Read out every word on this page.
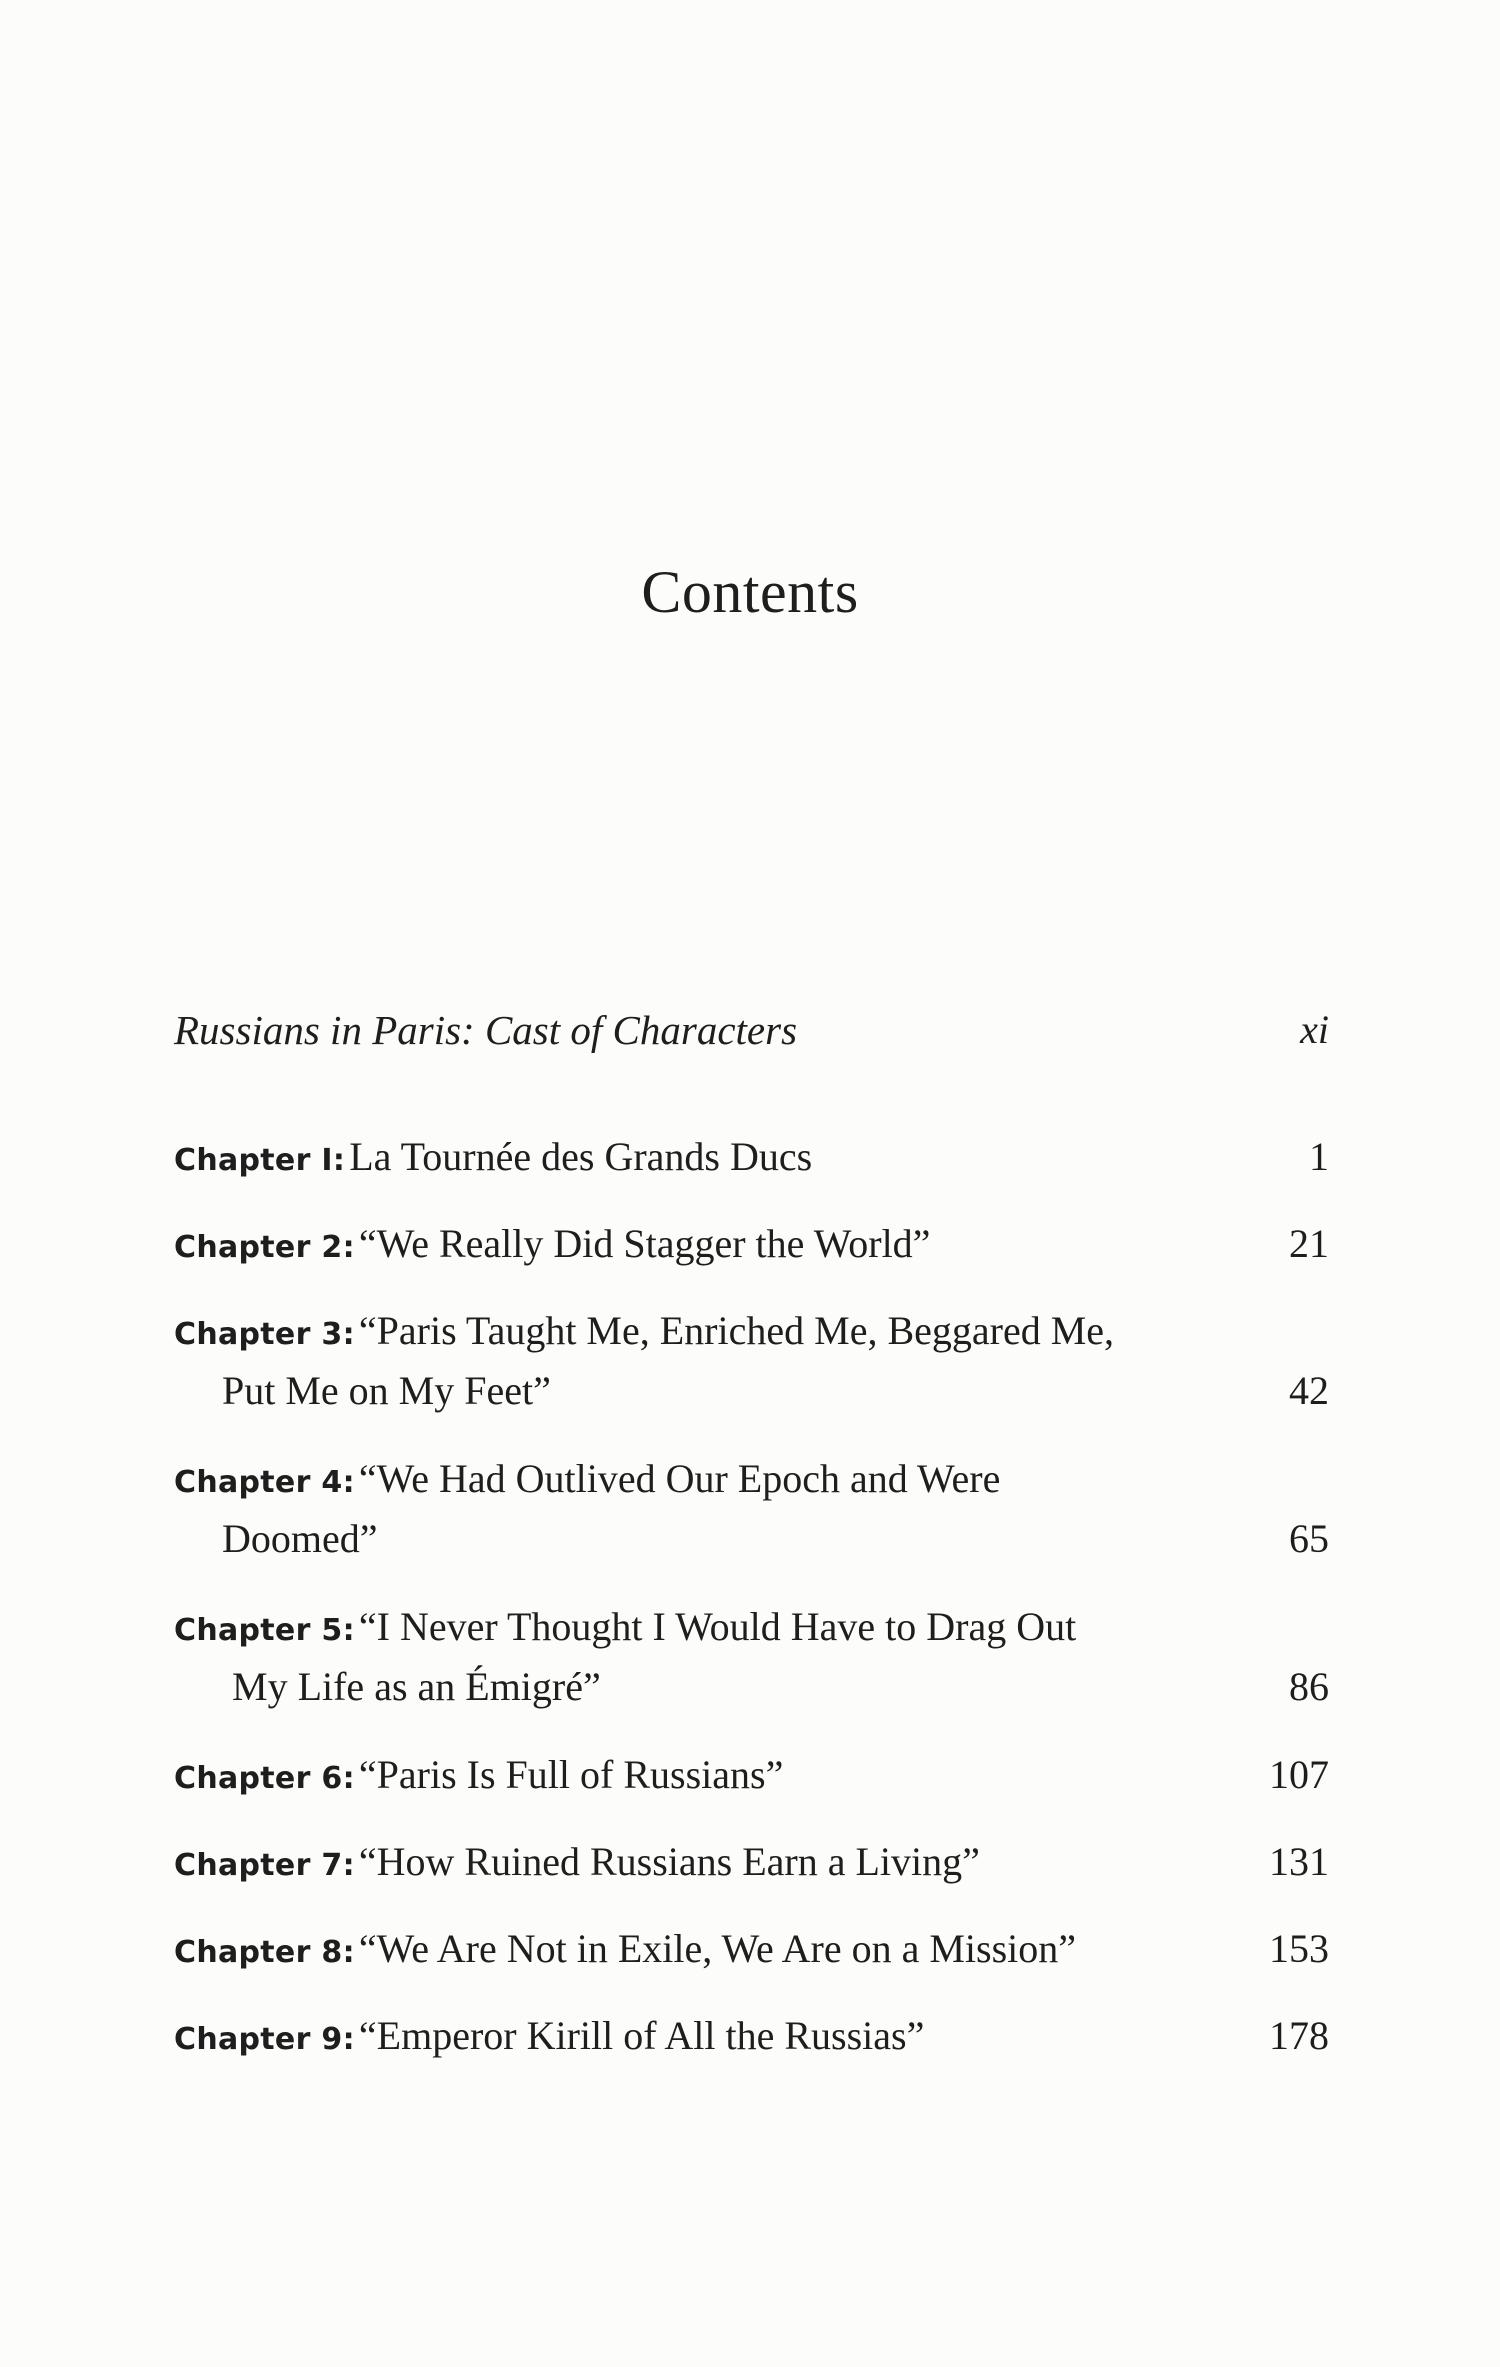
Contents
Russians in Paris: Cast of Characters	xi
Chapter I: La Tournée des Grands Ducs	1
Chapter 2: “We Really Did Stagger the World”	21
Chapter 3: “Paris Taught Me, Enriched Me, Beggared Me,
Put Me on My Feet”	42
Chapter 4: “We Had Outlived Our Epoch and Were
Doomed”	65
Chapter 5: “I Never Thought I Would Have to Drag Out
My Life as an Émigré”	86
Chapter 6: “Paris Is Full of Russians”	107
Chapter 7: “How Ruined Russians Earn a Living”	131
Chapter 8: “We Are Not in Exile, We Are on a Mission”	153
Chapter 9: “Emperor Kirill of All the Russias”	178
